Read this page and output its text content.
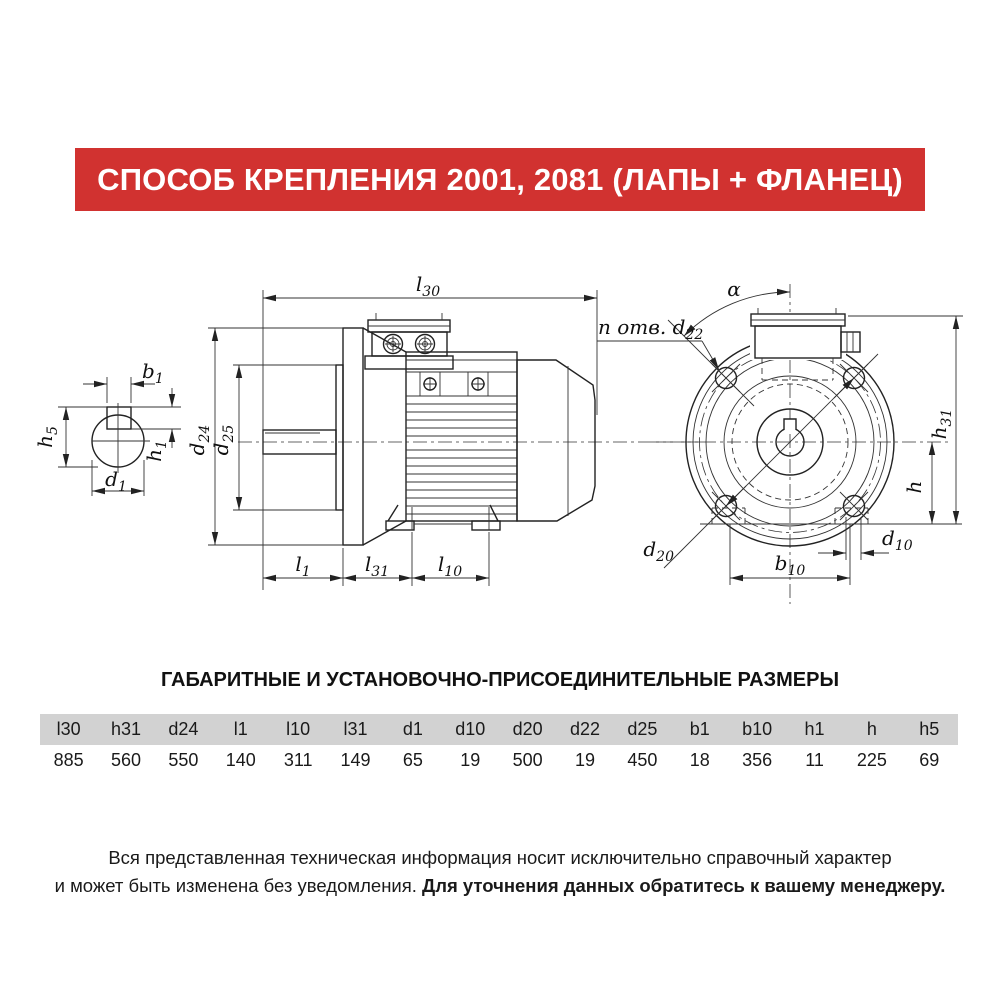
$b_1$
$h_5$
$h_1$
$d_1$
$l_{30}$
$d_{24}$
$d_{25}$
$l_1$	$l_{31}$ $l_{10}$
α
n отв. $d_{22}$
$d_{20}$
$h_{31}$
h
$d_{10}$
$b_{10}$
СПОСОБ КРЕПЛЕНИЯ 2001, 2081 (ЛАПЫ + ФЛАНЕЦ)
ГАБАРИТНЫЕ И УСТАНОВОЧНО-ПРИСОЕДИНИТЕЛЬНЫЕ РАЗМЕРЫ
l30	h31	d24	l1	l10	l31	d1	d10	d20	d22	d25	b1	b10	h1	h	h5
885	560	550	140	311	149	65	19	500	19	450	18	356	11	225	69
Вся представленная техническая информация носит исключительно справочный характер
и может быть изменена без уведомления. Для уточнения данных обратитесь к вашему менеджеру.
